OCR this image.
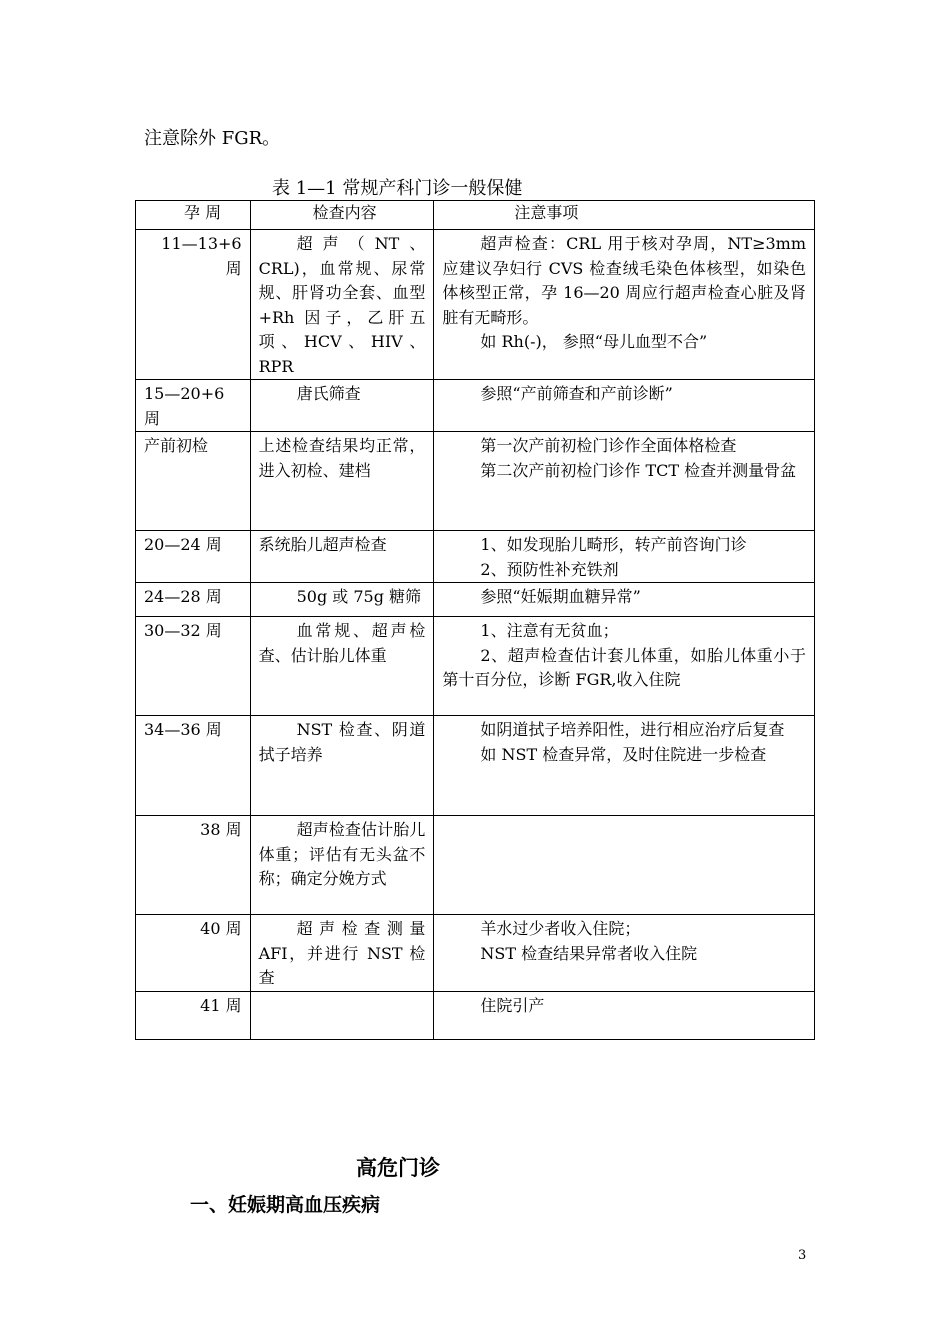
注意除外 FGR。
表 1—1 常规产科门诊一般保健
孕 周	检查内容	注意事项
11—13+6 周	超声（NT、CRL)，血常规、尿常规、肝肾功全套、血型+Rh 因子，乙肝五项、HCV、HIV、RPR	超声检查：CRL 用于核对孕周，NT≥3mm 应建议孕妇行 CVS 检查绒毛染色体核型，如染色体核型正常，孕 16—20 周应行超声检查心脏及肾脏有无畸形。

如 Rh(-)， 参照“母儿血型不合”

15—20+6 周	唐氏筛查	参照“产前筛查和产前诊断”

产前初检	上述检查结果均正常，进入初检、建档	第一次产前初检门诊作全面体格检查

第二次产前初检门诊作 TCT 检查并测量骨盆

20—24 周	系统胎儿超声检查	1、如发现胎儿畸形，转产前咨询门诊

2、预防性补充铁剂

24—28 周	50g 或 75g 糖筛	参照“妊娠期血糖异常”

30—32 周	血常规、超声检查、估计胎儿体重	1、注意有无贫血；

2、超声检查估计套儿体重，如胎儿体重小于第十百分位，诊断 FGR,收入住院

34—36 周	NST 检查、阴道拭子培养	如阴道拭子培养阳性，进行相应治疗后复查

如 NST 检查异常，及时住院进一步检查

38 周	超声检查估计胎儿体重；评估有无头盆不称；确定分娩方式	
40 周	超声检查测量 AFI，并进行 NST 检查	羊水过少者收入住院；

NST 检查结果异常者收入住院

41 周		住院引产

高危门诊
一、妊娠期高血压疾病
3
